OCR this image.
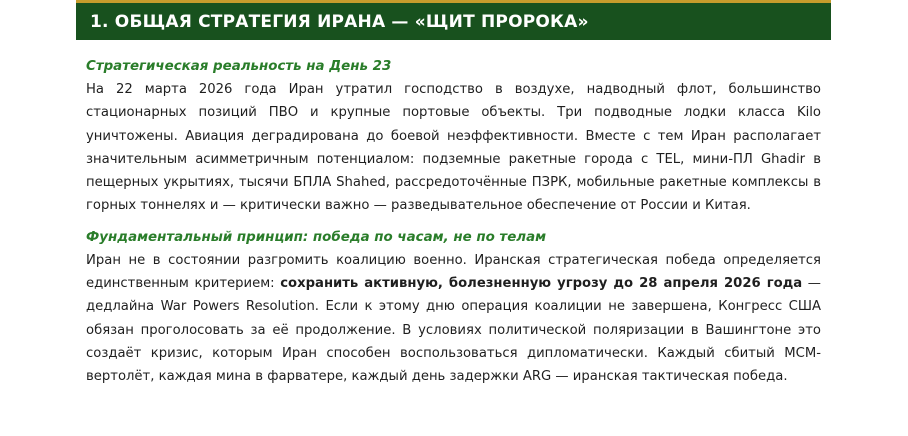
1. ОБЩАЯ СТРАТЕГИЯ ИРАНА — «ЩИТ ПРОРОКА»
Стратегическая реальность на День 23

На 22 марта 2026 года Иран утратил господство в воздухе, надводный флот, большинство стационарных позиций ПВО и крупные портовые объекты. Три подводные лодки класса Kilo уничтожены. Авиация деградирована до боевой неэффективности. Вместе с тем Иран располагает значительным асимметричным потенциалом: подземные ракетные города с TEL, мини-ПЛ Ghadir в пещерных укрытиях, тысячи БПЛА Shahed, рассредоточённые ПЗРК, мобильные ракетные комплексы в горных тоннелях и — критически важно — разведывательное обеспечение от России и Китая.

Фундаментальный принцип: победа по часам, не по телам

Иран не в состоянии разгромить коалицию военно. Иранская стратегическая победа определяется единственным критерием: сохранить активную, болезненную угрозу до 28 апреля 2026 года — дедлайна War Powers Resolution. Если к этому дню операция коалиции не завершена, Конгресс США обязан проголосовать за её продолжение. В условиях политической поляризации в Вашингтоне это создаёт кризис, которым Иран способен воспользоваться дипломатически. Каждый сбитый MCM-вертолёт, каждая мина в фарватере, каждый день задержки ARG — иранская тактическая победа.
